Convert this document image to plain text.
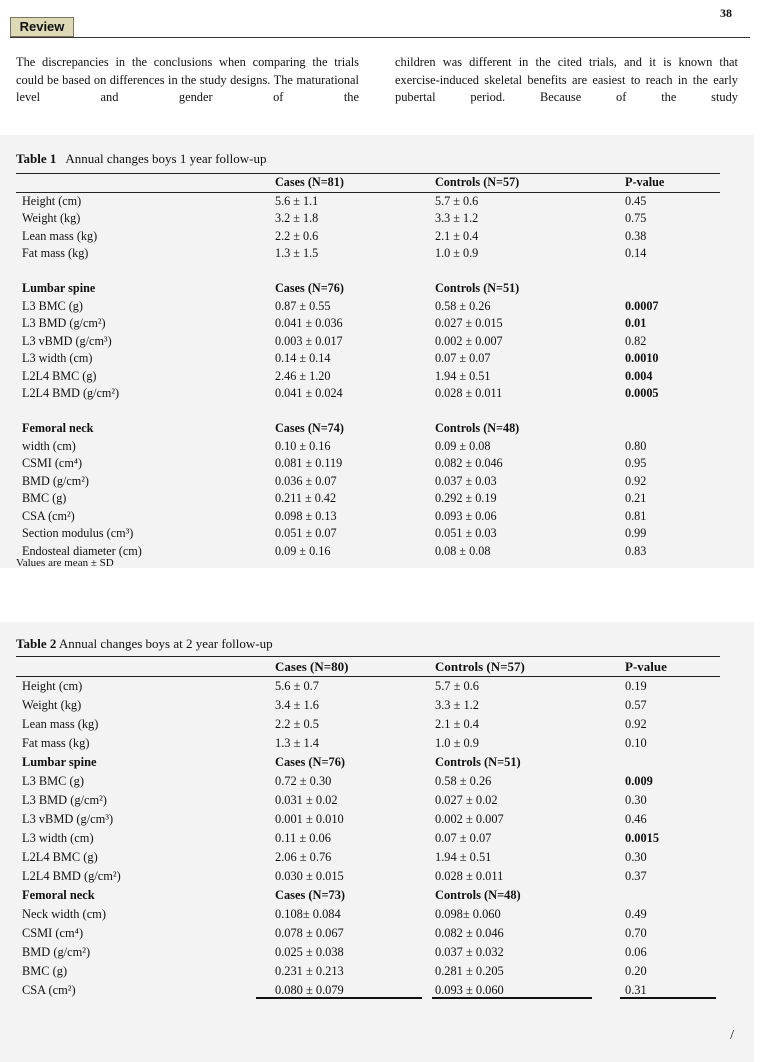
38
Review
The discrepancies in the conclusions when comparing the trials could be based on differences in the study designs. The maturational level and gender of the
children was different in the cited trials, and it is known that exercise-induced skeletal benefits are easiest to reach in the early pubertal period. Because of the study
Table 1 Annual changes boys 1 year follow-up
	Cases (N=81)	Controls (N=57)	P-value
Height (cm)	5.6 ± 1.1	5.7 ± 0.6	0.45
Weight (kg)	3.2 ± 1.8	3.3 ± 1.2	0.75
Lean mass (kg)	2.2 ± 0.6	2.1 ± 0.4	0.38
Fat mass (kg)	1.3 ± 1.5	1.0 ± 0.9	0.14

Lumbar spine	Cases (N=76)	Controls (N=51)	
L3 BMC (g)	0.87 ± 0.55	0.58 ± 0.26	0.0007
L3 BMD (g/cm²)	0.041 ± 0.036	0.027 ± 0.015	0.01
L3 vBMD (g/cm³)	0.003 ± 0.017	0.002 ± 0.007	0.82
L3 width (cm)	0.14 ± 0.14	0.07 ± 0.07	0.0010
L2L4 BMC (g)	2.46 ± 1.20	1.94 ± 0.51	0.004
L2L4 BMD (g/cm²)	0.041 ± 0.024	0.028 ± 0.011	0.0005

Femoral neck	Cases (N=74)	Controls (N=48)	
width (cm)	0.10 ± 0.16	0.09 ± 0.08	0.80
CSMI (cm⁴)	0.081 ± 0.119	0.082 ± 0.046	0.95
BMD (g/cm²)	0.036 ± 0.07	0.037 ± 0.03	0.92
BMC (g)	0.211 ± 0.42	0.292 ± 0.19	0.21
CSA (cm²)	0.098 ± 0.13	0.093 ± 0.06	0.81
Section modulus (cm³)	0.051 ± 0.07	0.051 ± 0.03	0.99
Endosteal diameter (cm)	0.09 ± 0.16	0.08 ± 0.08	0.83
Values are mean ± SD
Table 2 Annual changes boys at 2 year follow-up
	Cases (N=80)	Controls (N=57)	P-value
Height (cm)	5.6 ± 0.7	5.7 ± 0.6	0.19
Weight (kg)	3.4 ± 1.6	3.3 ± 1.2	0.57
Lean mass (kg)	2.2 ± 0.5	2.1 ± 0.4	0.92
Fat mass (kg)	1.3 ± 1.4	1.0 ± 0.9	0.10
Lumbar spine	Cases (N=76)	Controls (N=51)	
L3 BMC (g)	0.72 ± 0.30	0.58 ± 0.26	0.009
L3 BMD (g/cm²)	0.031 ± 0.02	0.027 ± 0.02	0.30
L3 vBMD (g/cm³)	0.001 ± 0.010	0.002 ± 0.007	0.46
L3 width (cm)	0.11 ± 0.06	0.07 ± 0.07	0.0015
L2L4 BMC (g)	2.06 ± 0.76	1.94 ± 0.51	0.30
L2L4 BMD (g/cm²)	0.030 ± 0.015	0.028 ± 0.011	0.37
Femoral neck	Cases (N=73)	Controls (N=48)	
Neck width (cm)	0.108± 0.084	0.098± 0.060	0.49
CSMI (cm⁴)	0.078 ± 0.067	0.082 ± 0.046	0.70
BMD (g/cm²)	0.025 ± 0.038	0.037 ± 0.032	0.06
BMC (g)	0.231 ± 0.213	0.281 ± 0.205	0.20
CSA (cm²)	0.080 ± 0.079	0.093 ± 0.060	0.31
/
